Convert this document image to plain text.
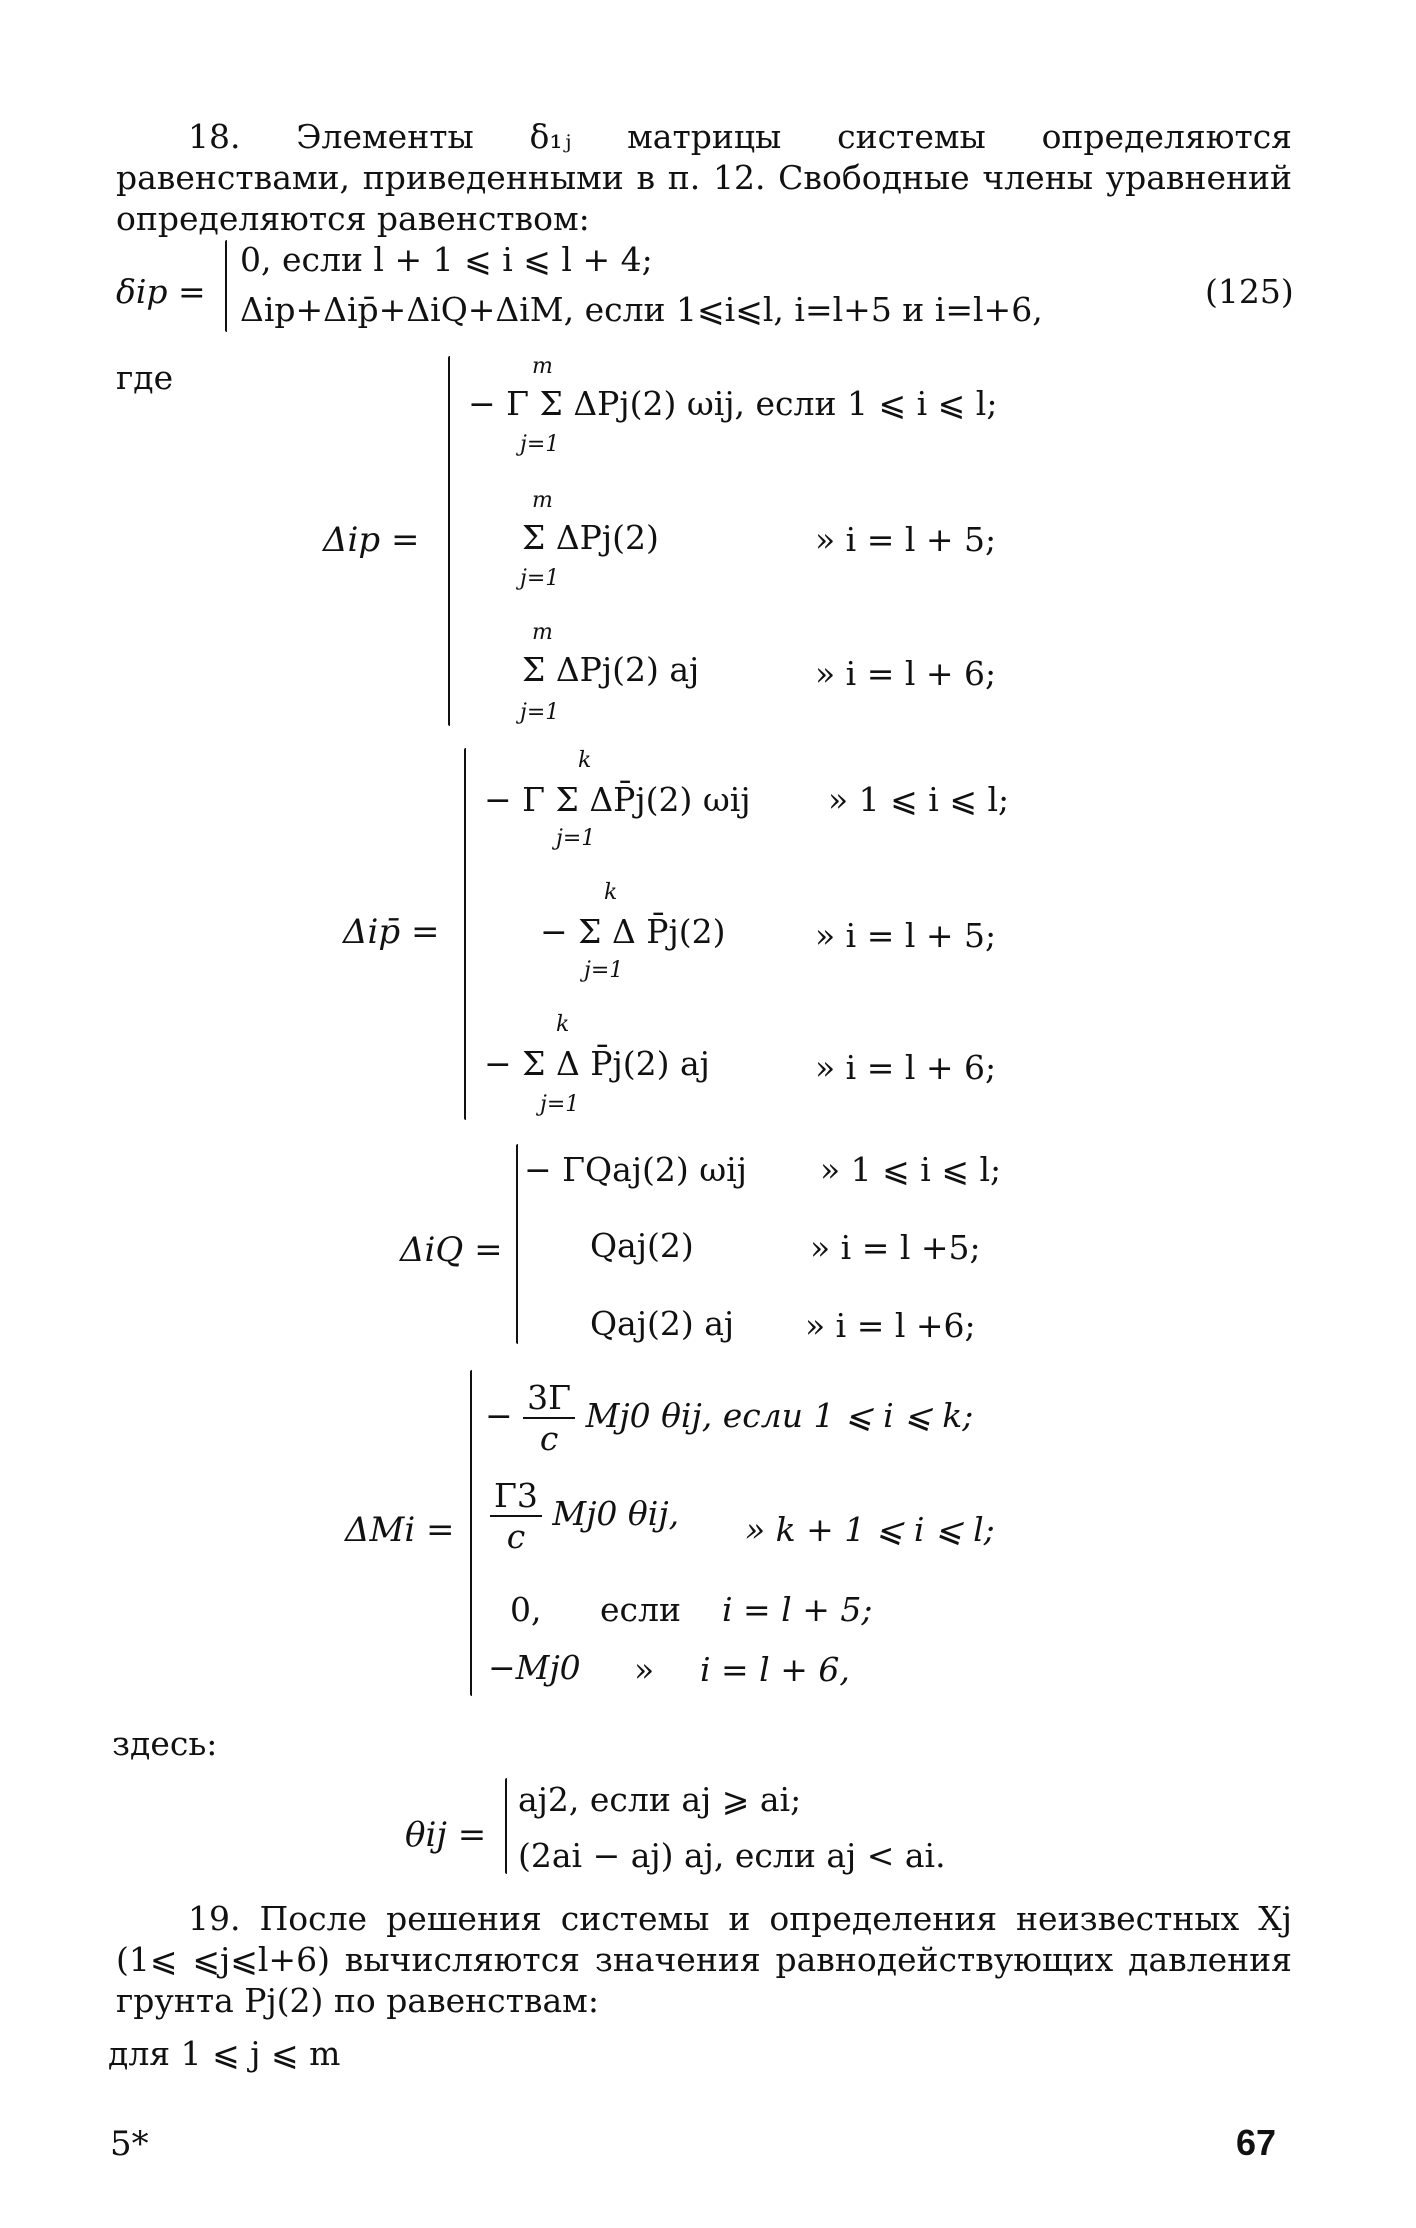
18. Элементы δ₁ⱼ матрицы системы определяются равенствами, приведенными в п. 12. Свободные члены уравнений определяются равенством:
δip =
0, если l + 1 ⩽ i ⩽ l + 4;
Δip+Δip̄+ΔiQ+ΔiM, если 1⩽i⩽l, i=l+5 и i=l+6,	(125)
где
Δip =
m
− Γ Σ ΔPj(2) ωij, если 1 ⩽ i ⩽ l;
j=1
m
Σ ΔPj(2)	» i = l + 5;
j=1
m
Σ ΔPj(2) aj	» i = l + 6;
j=1
Δip̄ =
k
− Γ Σ ΔP̄j(2) ωij » 1 ⩽ i ⩽ l;
j=1
k
− Σ Δ P̄j(2)	» i = l + 5;
j=1
k
− Σ Δ P̄j(2) aj	» i = l + 6;
j=1
ΔiQ =
− ΓQaj(2) ωij » 1 ⩽ i ⩽ l;
Qaj(2)	» i = l +5;
Qaj(2) aj » i = l +6;
ΔMi =
− $\frac{3\Gamma}{c} Mj0$ θij, если 1 ⩽ i ⩽ k;
$\frac{\Gamma 3}{c} Mj0$ θij, » k + 1 ⩽ i ⩽ l;
0, если i = l + 5;
−Mj0 » i = l + 6,
здесь:
θij =
aj2, если aj ⩾ ai;
(2ai − aj) aj, если aj < ai.
19. После решения системы и определения неизвестных Xj (1⩽ ⩽j⩽l+6) вычисляются значения равнодействующих давления грунта Pj(2) по равенствам:
для 1 ⩽ j ⩽ m
5*	67
